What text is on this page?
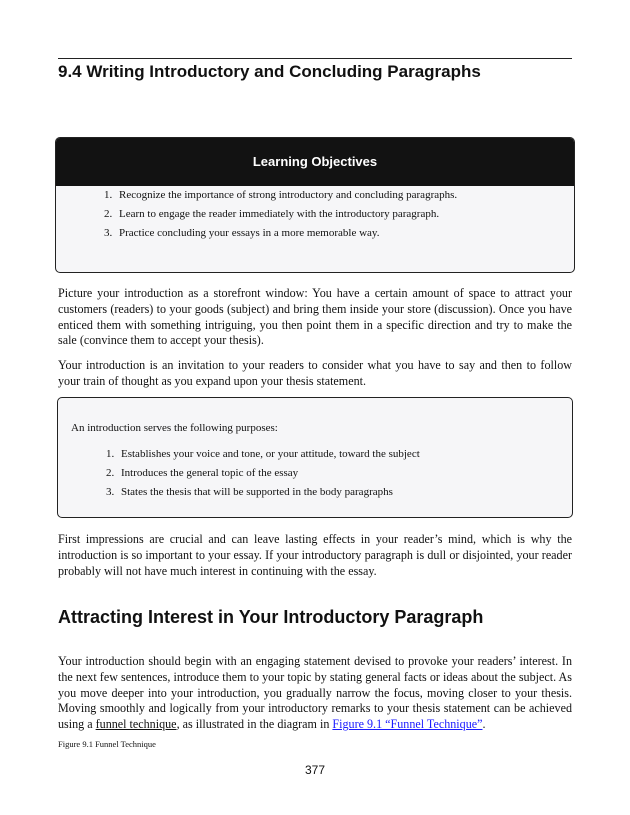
9.4 Writing Introductory and Concluding Paragraphs
Learning Objectives
1. Recognize the importance of strong introductory and concluding paragraphs.
2. Learn to engage the reader immediately with the introductory paragraph.
3. Practice concluding your essays in a more memorable way.

Picture your introduction as a storefront window: You have a certain amount of space to attract your customers (readers) to your goods (subject) and bring them inside your store (discussion). Once you have enticed them with something intriguing, you then point them in a specific direction and try to make the sale (convince them to accept your thesis).

Your introduction is an invitation to your readers to consider what you have to say and then to follow your train of thought as you expand upon your thesis statement.

An introduction serves the following purposes:

1. Establishes your voice and tone, or your attitude, toward the subject
2. Introduces the general topic of the essay
3. States the thesis that will be supported in the body paragraphs

First impressions are crucial and can leave lasting effects in your reader’s mind, which is why the introduction is so important to your essay. If your introductory paragraph is dull or disjointed, your reader probably will not have much interest in continuing with the essay.

Attracting Interest in Your Introductory Paragraph

Your introduction should begin with an engaging statement devised to provoke your readers’ interest. In the next few sentences, introduce them to your topic by stating general facts or ideas about the subject. As you move deeper into your introduction, you gradually narrow the focus, moving closer to your thesis. Moving smoothly and logically from your introductory remarks to your thesis statement can be achieved using a funnel technique, as illustrated in the diagram in Figure 9.1 “Funnel Technique”.

Figure 9.1 Funnel Technique

377
